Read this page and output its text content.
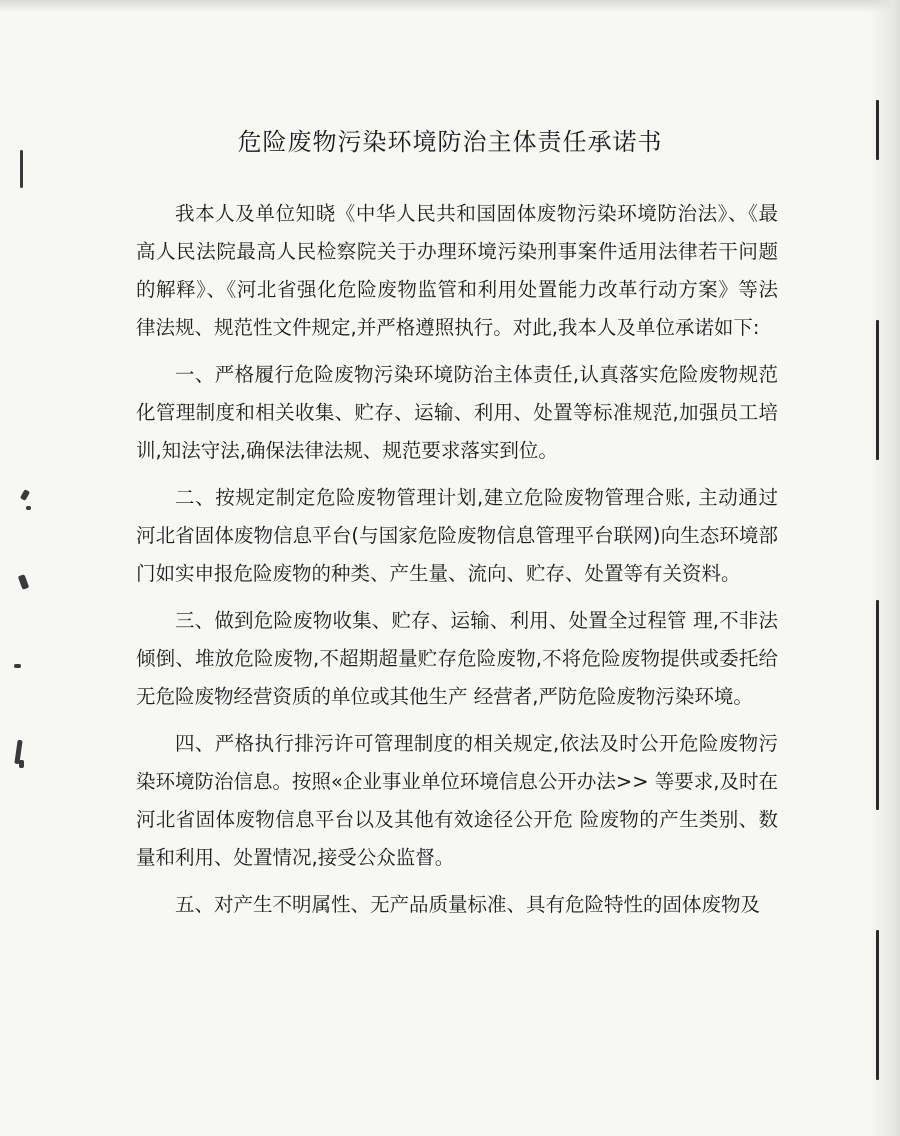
危险废物污染环境防治主体责任承诺书

我本人及单位知晓《中华人民共和国固体废物污染环境防治法》、《最高人民法院最高人民检察院关于办理环境污染刑事案件适用法律若干问题的解释》、《河北省强化危险废物监管和利用处置能力改革行动方案》等法律法规、规范性文件规定,并严格遵照执行。对此,我本人及单位承诺如下:

一、严格履行危险废物污染环境防治主体责任,认真落实危险废物规范化管理制度和相关收集、贮存、运输、利用、处置等标准规范,加强员工培训,知法守法,确保法律法规、规范要求落实到位。

二、按规定制定危险废物管理计划,建立危险废物管理合账, 主动通过河北省固体废物信息平台(与国家危险废物信息管理平台联网)向生态环境部门如实申报危险废物的种类、产生量、流向、贮存、处置等有关资料。

三、做到危险废物收集、贮存、运输、利用、处置全过程管 理,不非法倾倒、堆放危险废物,不超期超量贮存危险废物,不将危险废物提供或委托给无危险废物经营资质的单位或其他生产 经营者,严防危险废物污染环境。

四、严格执行排污许可管理制度的相关规定,依法及时公开危险废物污染环境防治信息。按照«企业事业单位环境信息公开办法>> 等要求,及时在河北省固体废物信息平台以及其他有效途径公开危 险废物的产生类别、数量和利用、处置情况,接受公众监督。

五、对产生不明属性、无产品质量标准、具有危险特性的固体废物及
